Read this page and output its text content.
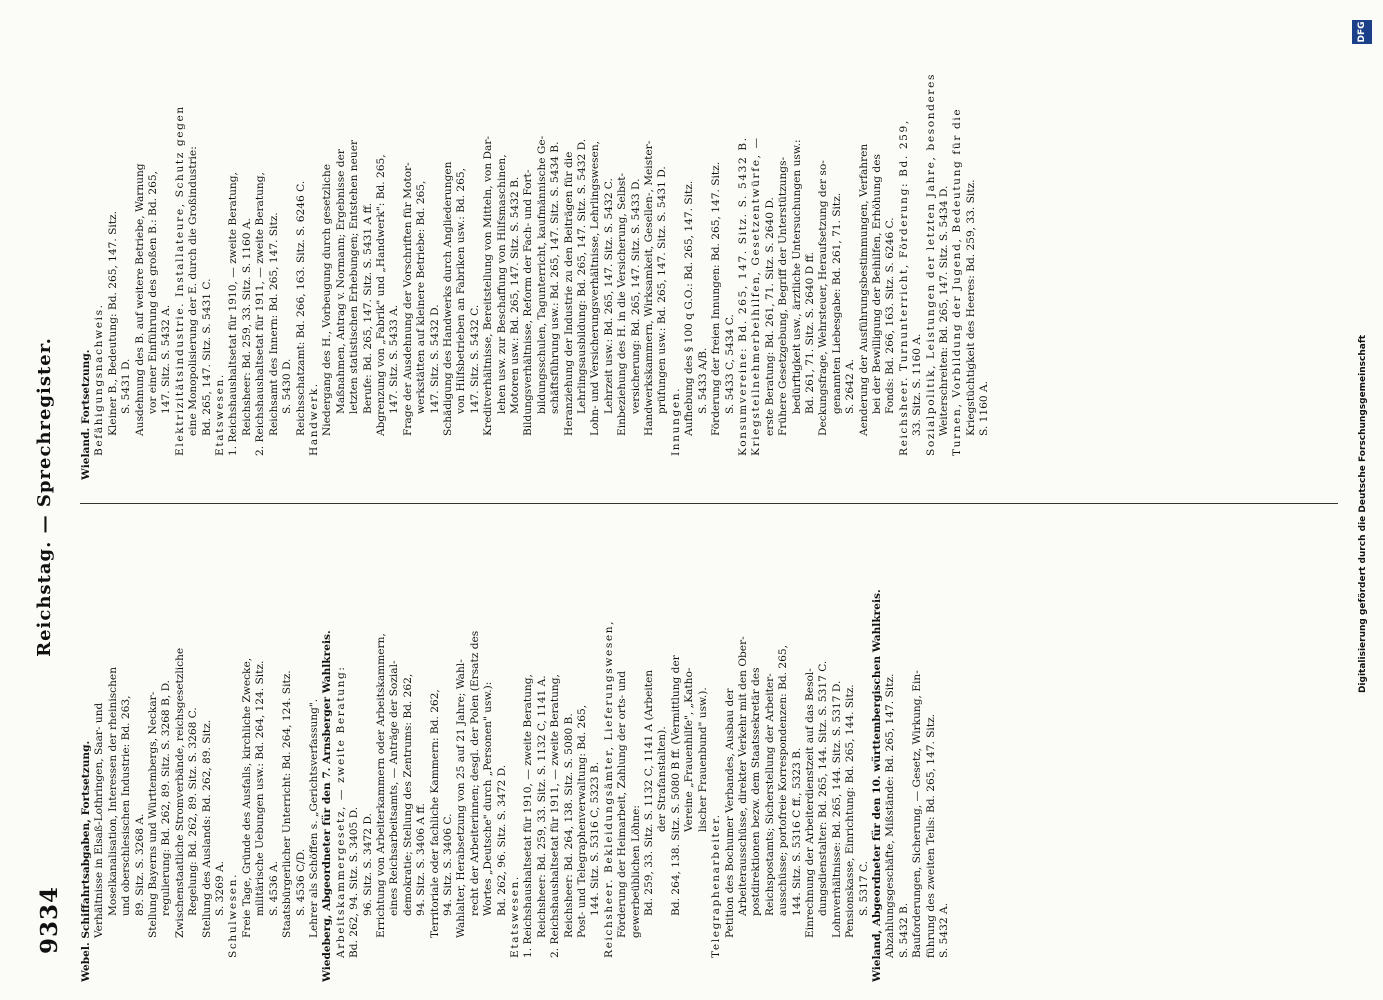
9334
Reichstag. — Sprechregister.
Webel. Schiffahrtsabgaben, Fortsetzung. Verhältnisse in Elsaß-Lothringen, Saar- und Moselkanalisation, Interessen der rheinischen und oberschlesischen Industrie: Bd. 263, 89. Sitz. S. 3268 A. Stellung Bayerns und Württembergs, Neckar- regulierung: Bd. 262, 89. Sitz. S. 3268 B, D. Zwischenstaatliche Stromverbände, reichsgesetzliche Regelung: Bd. 262, 89. Sitz. S. 3268 C. Stellung des Auslands: Bd. 262, 89. Sitz. S. 3269 A. Schulwesen. Freie Tage, Gründe des Ausfalls, kirchliche Zwecke, militärische Uebungen usw.: Bd. 264, 124. Sitz. S. 4536 A. Staatsbürgerlicher Unterricht: Bd. 264, 124. Sitz. S. 4536 C/D. Lehrer als Schöffen s. „Gerichtsverfassung". Wiedeberg, Abgeordneter für den 7. Arnsberger Wahlkreis. Arbeitskammergesetz, — zweite Beratung: Bd. 262, 94. Sitz. S. 3405 D. 96. Sitz. S. 3472 D. Errichtung von Arbeiterkammern oder Arbeitskammern, eines Reichsarbeitsamts, — Anträge der Sozial- demokratie; Stellung des Zentrums: Bd. 262, 94. Sitz. S. 3406 A ff. Territoriale oder fachliche Kammern: Bd. 262, 94. Sitz. S. 3406 C. Wahlalter, Herabsetzung von 25 auf 21 Jahre; Wahl- recht der Arbeiterinnen; desgl. der Polen (Ersatz des Wortes „Deutsche" durch „Personen" usw.): Bd. 262, 96. Sitz. S. 3472 D.
Etatswesen. 1. Reichshaushaltsetat für 1910, — zweite Beratung, Reichsheer: Bd. 259, 33. Sitz. S. 1132 C, 1141 A. 2. Reichshaushaltsetat für 1911, — zweite Beratung, Reichsheer: Bd. 264, 138. Sitz. S. 5080 B. Post- und Telegraphenverwaltung: Bd. 265, 144. Sitz. S. 5316 C, 5323 B. Reichsheer. Bekleidungsämter, Lieferungswesen, Förderung der Heimarbeit, Zahlung der orts- und gewerbeüblichen Löhne: Bd. 259, 33. Sitz. S. 1132 C, 1141 A (Arbeiten der Strafanstalten). Bd. 264, 138. Sitz. S. 5080 B ff. (Vermittlung der Vereine „Frauenhilfe", „Katho- lischer Frauenbund" usw.).
Telegraphenarbeiter. Petition des Bochumer Verbandes, Ausbau der Arbeiterausschüsse, direkter Verkehr mit den Ober- postdirektionen bezw. dem Staatssekretär des Reichspostamts; Sicherstellung der Arbeiter- ausschüsse; portofreie Korrespondenzen: Bd. 265, 144. Sitz. S. 5316 C ff., 5323 B. Einrechnung der Arbeiterdienstzeit auf das Besol- dungsdienstalter: Bd. 265, 144. Sitz. S. 5317 C. Lohnverhältnisse: Bd. 265, 144. Sitz. S. 5317 D. Pensionskasse, Einrichtung: Bd. 265, 144. Sitz. S. 5317 C. Wieland, Abgeordneter für den 10. württembergischen Wahlkreis. Abzahlungsgeschäfte, Mißstände: Bd. 265, 147. Sitz. S. 5432 B. Bauforderungen, Sicherung, — Gesetz, Wirkung, Ein- führung des zweiten Teils: Bd. 265, 147. Sitz. S. 5432 A.
Wieland. Fortsetzung. Befähigungsnachweis. Kleiner B., Bedeutung: Bd. 265, 147. Sitz. S. 5431 D. Ausdehnung des B. auf weitere Betriebe, Warnung vor einer Einführung des großen B.: Bd. 265, 147. Sitz. S. 5432 A. Elektrizitätsindustrie. Installateure, Schutz gegen eine Monopolisierung der E. durch die Großindustrie: Bd. 265, 147. Sitz. S. 5431 C. Etatswesen. 1. Reichshaushaltsetat für 1910, — zweite Beratung, Reichsheer: Bd. 259, 33. Sitz. S. 1160 A. 2. Reichshaushaltsetat für 1911, — zweite Beratung, Reichsamt des Innern: Bd. 265, 147. Sitz. S. 5430 D. Reichsschatzamt: Bd. 266, 163. Sitz. S. 6246 C. Handwerk. Niedergang des H., Vorbeugung durch gesetzliche Maßnahmen, Antrag v. Normann; Ergebnisse der letzten statistischen Erhebungen; Entstehen neuer Berufe: Bd. 265, 147. Sitz. S. 5431 A ff. Abgrenzung von „Fabrik" und „Handwerk": Bd. 265, 147. Sitz. S. 5433 A. Frage der Ausdehnung der Vorschriften für Motor- werkstätten auf kleinere Betriebe: Bd. 265, 147. Sitz. S. 5432 D. Schädigung des Handwerks durch Angliederungen von Hilfsbetrieben an Fabriken usw.: Bd. 265, 147. Sitz. S. 5432 C. Kreditverhältnisse, Bereitstellung von Mitteln, von Dar- lehen usw. zur Beschaffung von Hilfsmaschinen, Motoren usw.: Bd. 265, 147. Sitz. S. 5432 B. Bildungsverhältnisse, Reform der Fach- und Fort- bildungsschulen, Tagunterricht, kaufmännische Ge- schäftsführung usw.: Bd. 265, 147. Sitz. S. 5434 B. Heranziehung der Industrie zu den Beiträgen für die Lehrlingsausbildung: Bd. 265, 147. Sitz. S. 5432 D. Lohn- und Versicherungsverhältnisse, Lehrlingswesen, Lehrzeit usw.: Bd. 265, 147. Sitz. S. 5432 C. Einbeziehung des H. in die Versicherung, Selbst- versicherung: Bd. 265, 147. Sitz. S. 5433 D. Handwerkskammern, Wirksamkeit, Gesellen-, Meister- prüfungen usw.: Bd. 265, 147. Sitz. S. 5431 D.
Innungen. Aufhebung des § 100 q G.O.: Bd. 265, 147. Sitz. S. 5433 A/B. Förderung der freien Innungen: Bd. 265, 147. Sitz. S. 5433 C, 5434 C. Konsumvereine: Bd. 265, 147. Sitz. S. 5432 B. Kriegsteilnehmerbeihilfen, Gesetzentwürfe, — erste Beratung: Bd. 261, 71. Sitz. S. 2640 D. Frühere Gesetzgebung, Begriff der Unterstützungs- bedürftigkeit usw., ärztliche Untersuchungen usw.: Bd. 261, 71. Sitz. S. 2640 D ff. Deckungsfrage, Wehrsteuer, Heraufsetzung der so- genannten Liebesgabe: Bd. 261, 71. Sitz. S. 2642 A. Aenderung der Ausführungsbestimmungen, Verfahren bei der Bewilligung der Beihilfen, Erhöhung des Fonds: Bd. 266, 163. Sitz. S. 6246 C. Reichsheer. Turnunterricht, Förderung: Bd. 259, 33. Sitz. S. 1160 A. Sozialpolitik, Leistungen der letzten Jahre, besonderes Weiterschreiten: Bd. 265, 147. Sitz. S. 5434 D. Turnen, Vorbildung der Jugend, Bedeutung für die Kriegstüchtigkeit des Heeres: Bd. 259, 33. Sitz. S. 1160 A.	Digitalisierung gefördert durch die Deutsche Forschungsgemeinschaft
DFG
